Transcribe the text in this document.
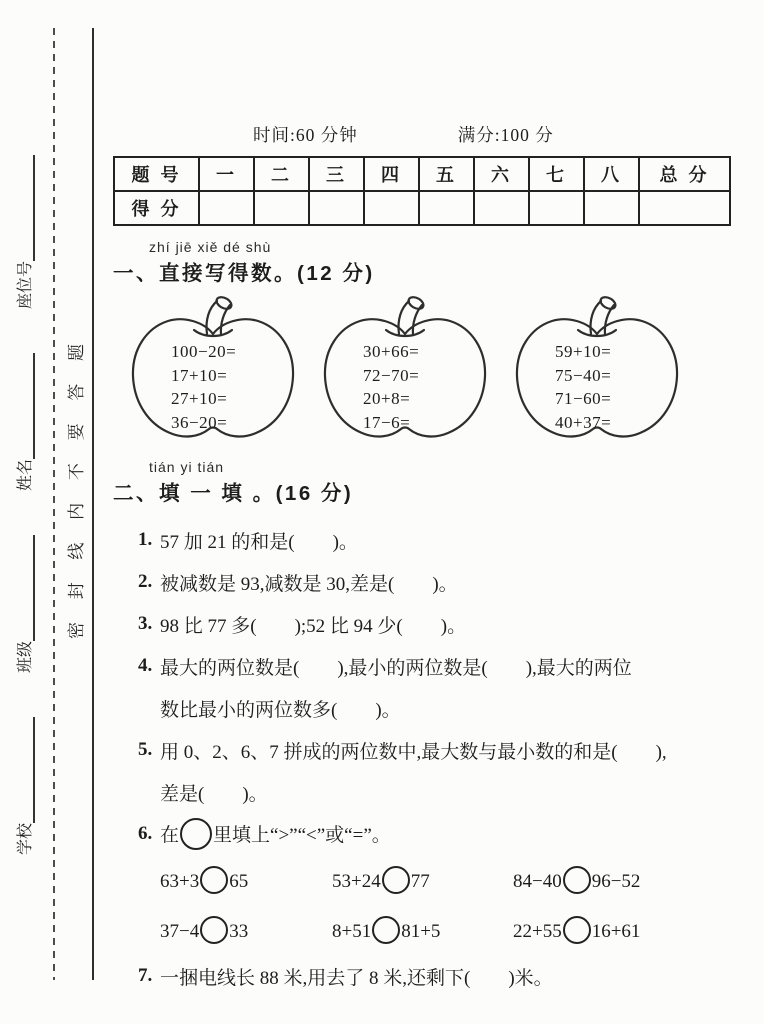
学校
班级
姓名
座位号
密 封 线 内 不 要 答 题
时间:60 分钟	满分:100 分
题 号	一	二	三	四	五	六	七	八	总 分
得 分									
zhí jiē xiě dé shù
一、直接写得数。(12 分)
100−20=
17+10=
27+10=
36−20=
30+66=
72−70=
20+8=
17−6=
59+10=
75−40=
71−60=
40+37=
tián yi tián
二、填 一 填 。(16 分)
1. 57 加 21 的和是(　　)。
2. 被减数是 93,减数是 30,差是(　　)。
3. 98 比 77 多(　　);52 比 94 少(　　)。
4. 最大的两位数是(　　),最小的两位数是(　　),最大的两位
数比最小的两位数多(　　)。
5. 用 0、2、6、7 拼成的两位数中,最大数与最小数的和是(　　),
差是(　　)。
6. 在 里填上“>”“<”或“=”。
63+3 65	53+24 77	84−40 96−52
37−4 33	8+51 81+5	22+55 16+61
7. 一捆电线长 88 米,用去了 8 米,还剩下(　　)米。
